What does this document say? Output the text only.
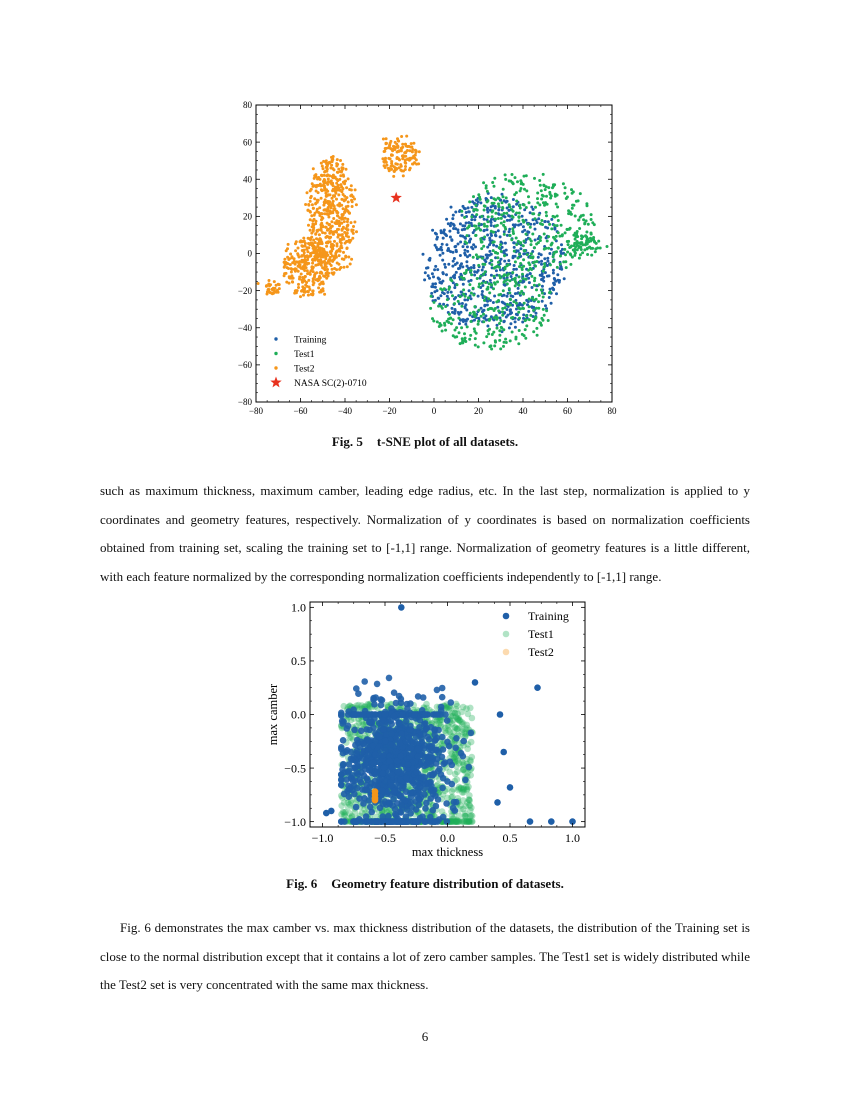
−80	−60	−40	−20	0	20	40	60	80
−80
−60
−40
−20
0
20
40
60
80
Training
Test1
Test2
NASA SC(2)-0710
Fig. 5 t-SNE plot of all datasets.

such as maximum thickness, maximum camber, leading edge radius, etc. In the last step, normalization is applied to y coordinates and geometry features, respectively. Normalization of y coordinates is based on normalization coefficients obtained from training set, scaling the training set to [-1,1] range. Normalization of geometry features is a little different, with each feature normalized by the corresponding normalization coefficients independently to [-1,1] range.

−1.0	−0.5	0.0	0.5	1.0
−1.0
−0.5
0.0
0.5
1.0
max thickness
max camber
Training
Test1
Test2
Fig. 6 Geometry feature distribution of datasets.

Fig. 6 demonstrates the max camber vs. max thickness distribution of the datasets, the distribution of the Training set is close to the normal distribution except that it contains a lot of zero camber samples. The Test1 set is widely distributed while the Test2 set is very concentrated with the same max thickness.

6
